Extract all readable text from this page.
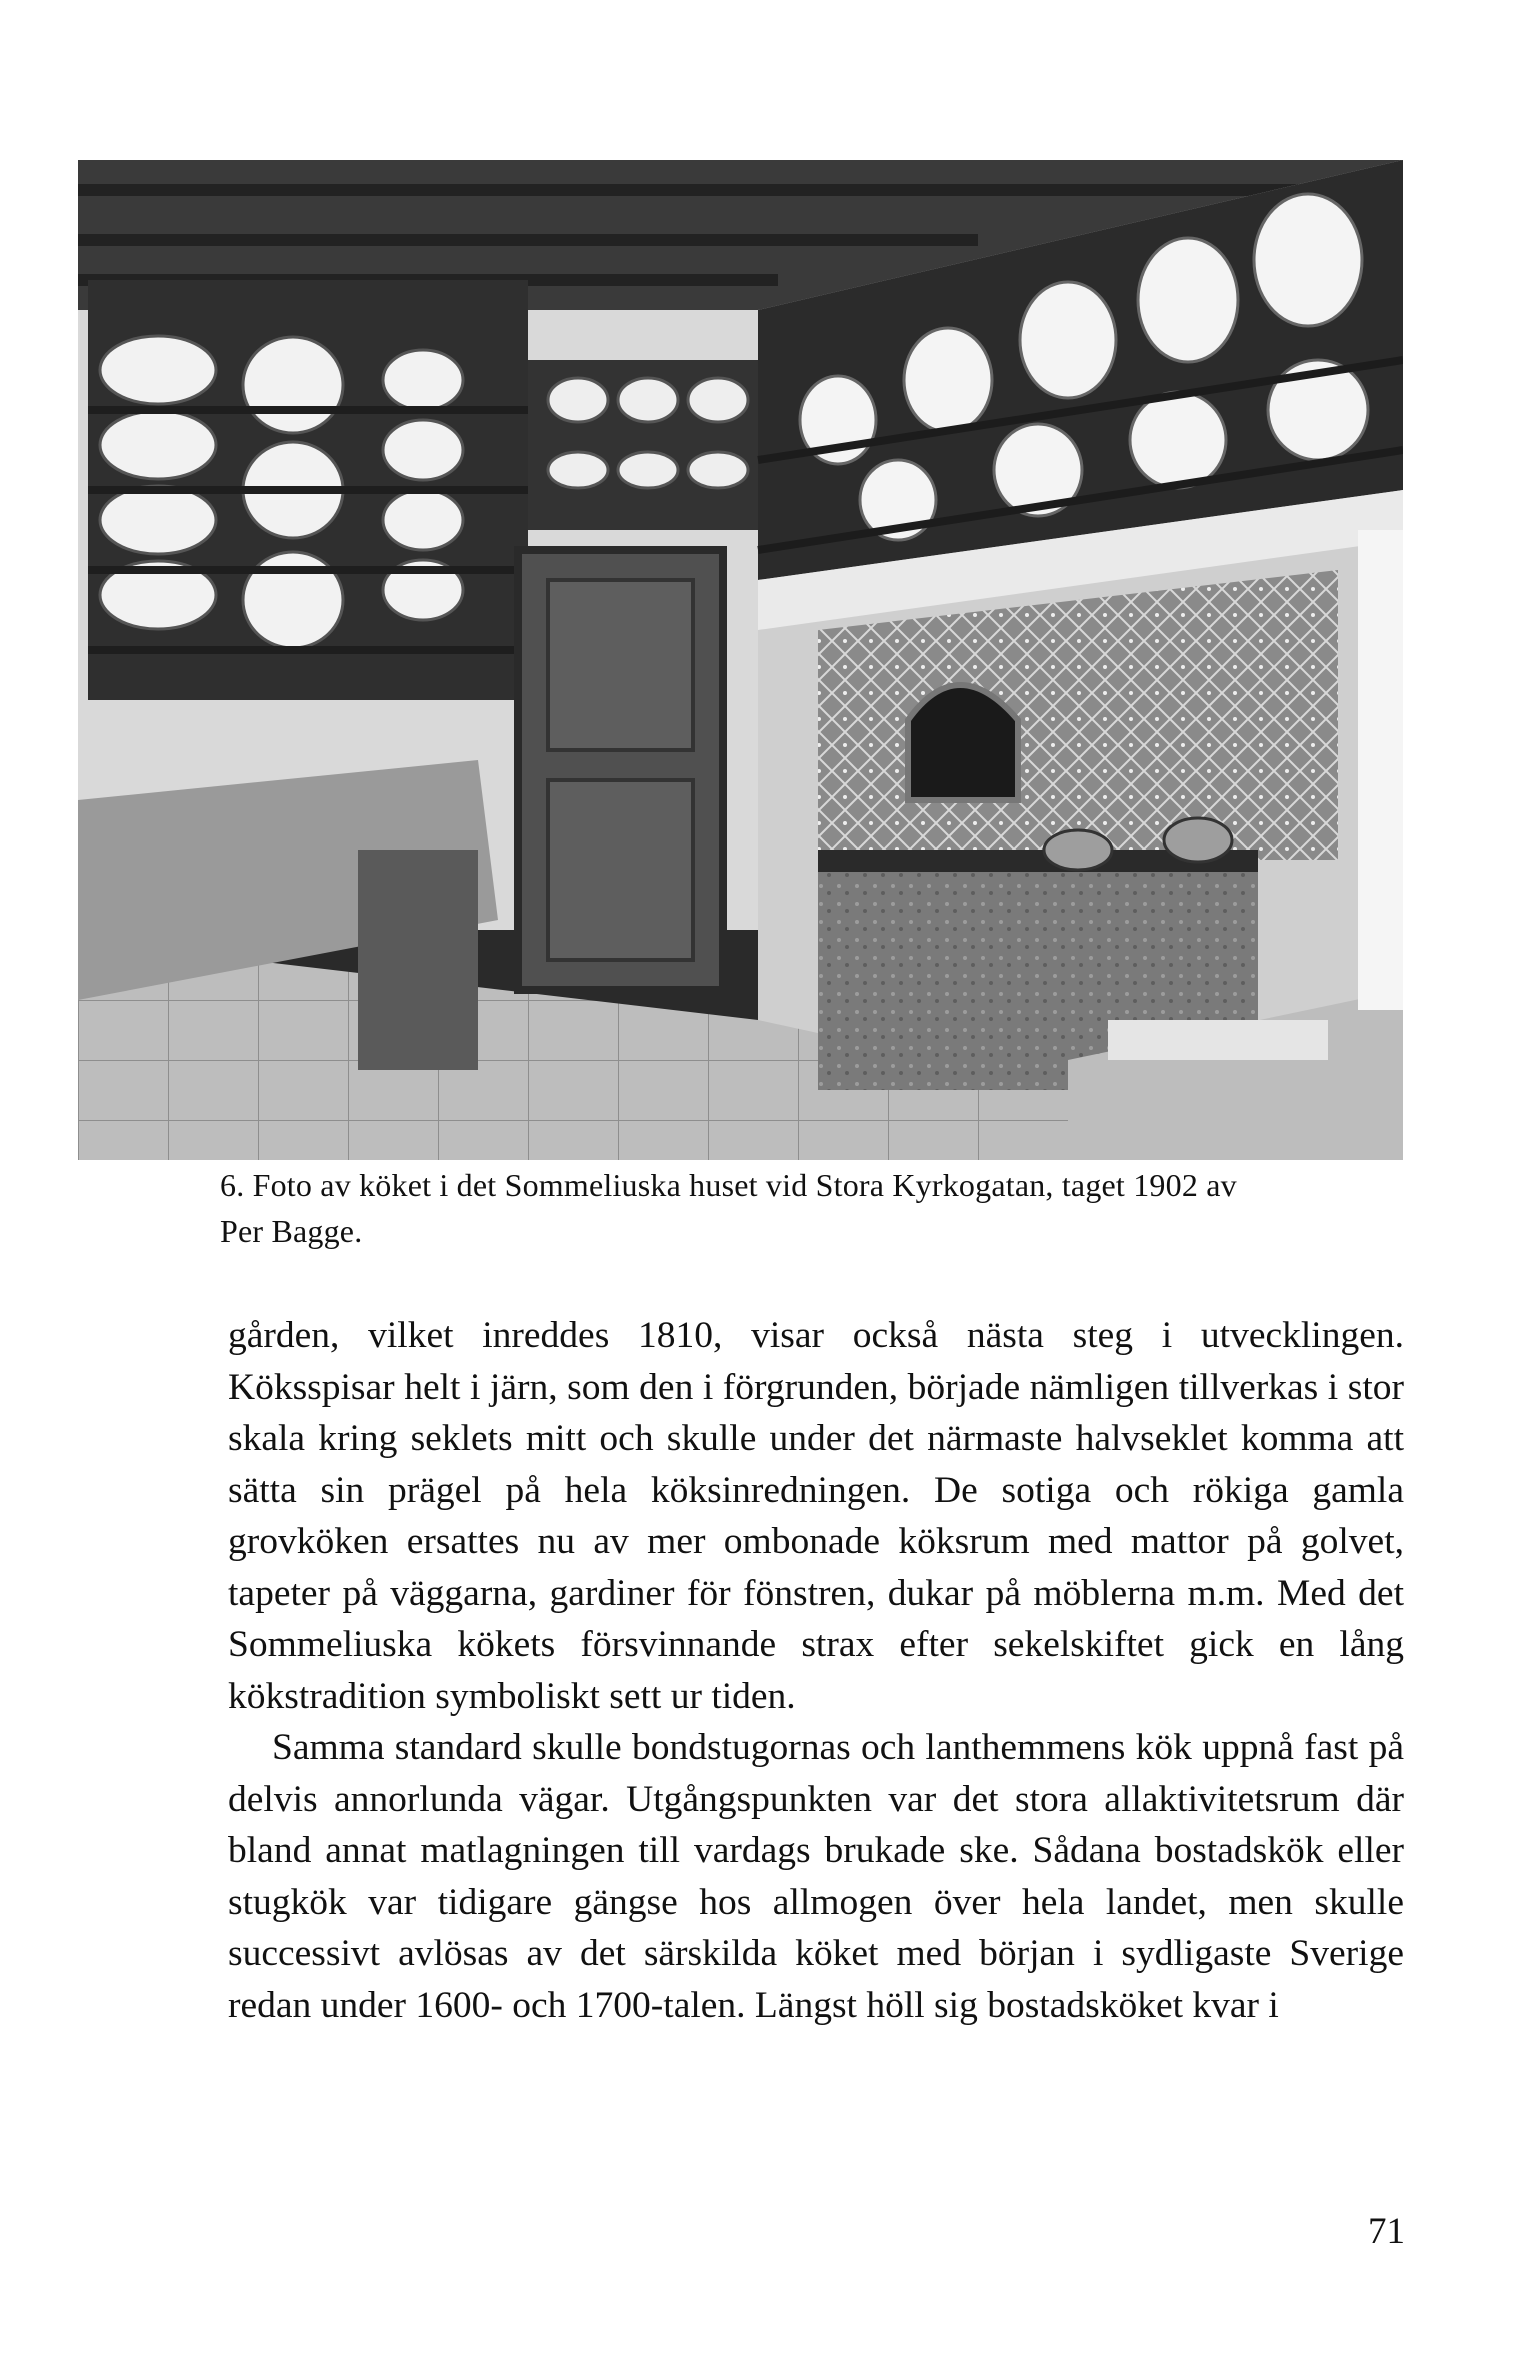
6. Foto av köket i det Sommeliuska huset vid Stora Kyrkogatan, taget 1902 av
Per Bagge.

gården, vilket inreddes 1810, visar också nästa steg i utvecklingen. Köksspisar helt i järn, som den i förgrunden, började nämligen tillverkas i stor skala kring seklets mitt och skulle under det närmaste halvseklet komma att sätta sin prägel på hela köksinredningen. De sotiga och rökiga gamla grovköken ersattes nu av mer ombonade köksrum med mattor på golvet, tapeter på väggarna, gardiner för fönstren, dukar på möblerna m.m. Med det Sommeliuska kökets försvinnande strax efter sekelskiftet gick en lång kökstradition symboliskt sett ur tiden.

Samma standard skulle bondstugornas och lanthemmens kök uppnå fast på delvis annorlunda vägar. Utgångspunkten var det stora allaktivitetsrum där bland annat matlagningen till vardags brukade ske. Sådana bostadskök eller stugkök var tidigare gängse hos allmogen över hela landet, men skulle successivt avlösas av det särskilda köket med början i sydligaste Sverige redan under 1600- och 1700-talen. Längst höll sig bostadsköket kvar i

71
